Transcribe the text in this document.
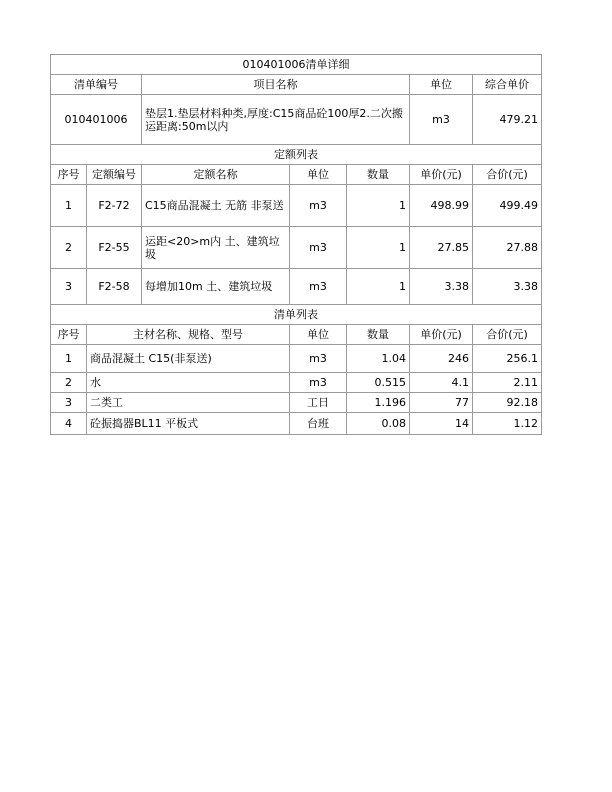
010401006清单详细						
清单编号		项目名称			单位	综合单价
010401006		垫层1.垫层材料种类,厚度:C15商品砼100厚2.二次搬运距离:50m以内			m3	479.21
定额列表						
序号	定额编号	定额名称	单位	数量	单价(元)	合价(元)
1	F2-72	C15商品混凝土 无筋 非泵送	m3	1	498.99	499.49
2	F2-55	运距<20>m内 土、建筑垃圾	m3	1	27.85	27.88
3	F2-58	每增加10m 土、建筑垃圾	m3	1	3.38	3.38
清单列表						
序号	主材名称、规格、型号		单位	数量	单价(元)	合价(元)
1	商品混凝土 C15(非泵送)		m3	1.04	246	256.1
2	水		m3	0.515	4.1	2.11
3	二类工		工日	1.196	77	92.18
4	砼振捣器BL11 平板式		台班	0.08	14	1.12
